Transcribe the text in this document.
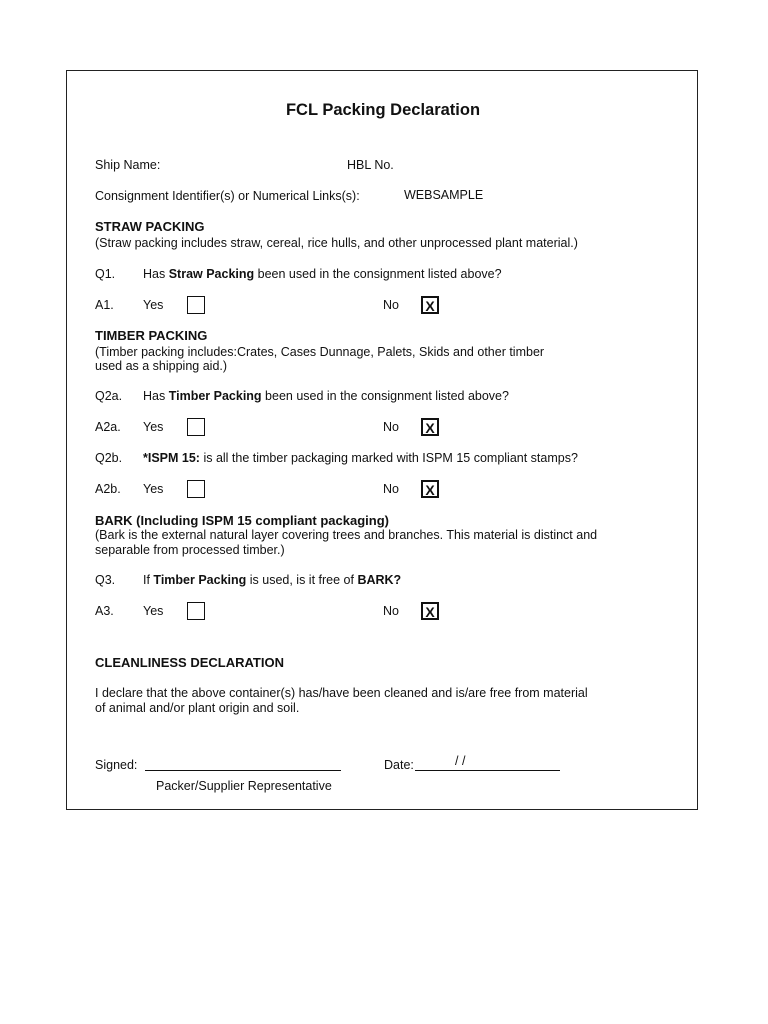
FCL Packing Declaration
Ship Name:	HBL No.
Consignment Identifier(s) or Numerical Links(s):	WEBSAMPLE
STRAW PACKING
(Straw packing includes straw, cereal, rice hulls, and other unprocessed plant material.)
Q1. Has Straw Packing been used in the consignment listed above?
A1. Yes	No X
TIMBER PACKING
(Timber packing includes:Crates, Cases Dunnage, Palets, Skids and other timber
used as a shipping aid.)
Q2a. Has Timber Packing been used in the consignment listed above?
A2a. Yes	No X
Q2b. *ISPM 15: is all the timber packaging marked with ISPM 15 compliant stamps?
A2b. Yes	No X
BARK (Including ISPM 15 compliant packaging)
(Bark is the external natural layer covering trees and branches. This material is distinct and
separable from processed timber.)
Q3. If Timber Packing is used, is it free of BARK?
A3. Yes	No X
CLEANLINESS DECLARATION
I declare that the above container(s) has/have been cleaned and is/are free from material
of animal and/or plant origin and soil.
Signed:	Date:	/ /
Packer/Supplier Representative
